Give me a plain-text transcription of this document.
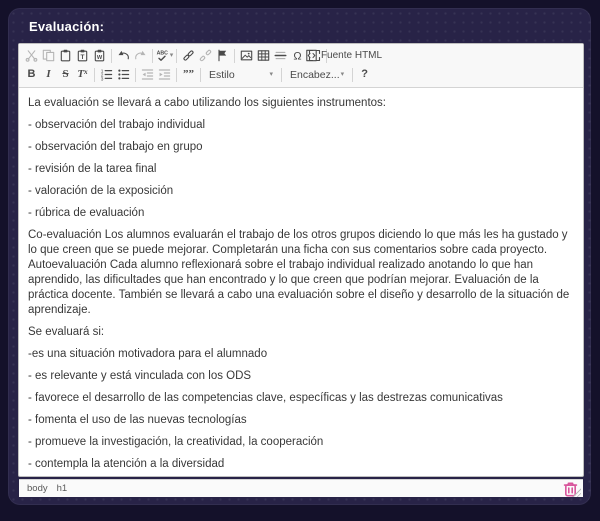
Evaluación:
T W
ABC ▾	Ω Fuente HTML
B I S T x	1
2
3	”” Estilo	▾ Encabez... ▾ ?

La evaluación se llevará a cabo utilizando los siguientes instrumentos:

- observación del trabajo individual

- observación del trabajo en grupo

- revisión de la tarea final

- valoración de la exposición

- rúbrica de evaluación

Co-evaluación Los alumnos evaluarán el trabajo de los otros grupos diciendo lo que más les ha gustado y lo que creen que se puede mejorar. Completarán una ficha con sus comentarios sobre cada proyecto. Autoevaluación Cada alumno reflexionará sobre el trabajo individual realizado anotando lo que han aprendido, las dificultades que han encontrado y lo que creen que podrían mejorar. Evaluación de la práctica docente. También se llevará a cabo una evaluación sobre el diseño y desarrollo de la situación de aprendizaje.

Se evaluará si:

-es una situación motivadora para el alumnado

- es relevante y está vinculada con los ODS

- favorece el desarrollo de las competencias clave, específicas y las destrezas comunicativas

- fomenta el uso de las nuevas tecnologías

- promueve la investigación, la creatividad, la cooperación

- contempla la atención a la diversidad

body h1
